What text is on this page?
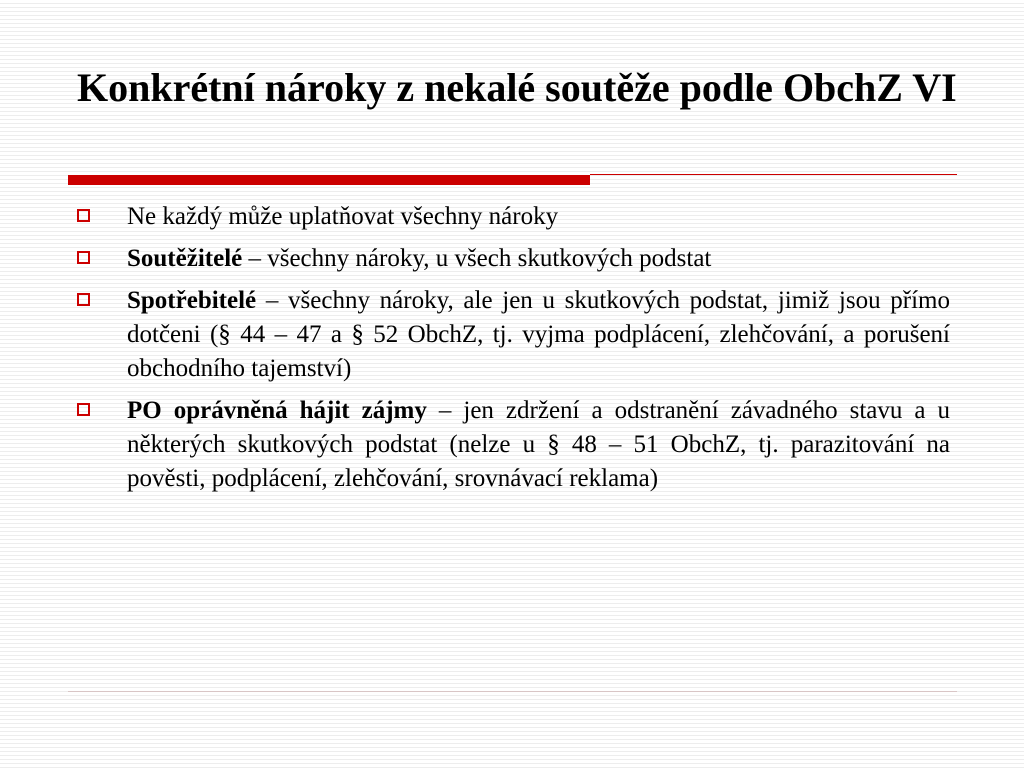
Konkrétní nároky z nekalé soutěže podle ObchZ VI
Ne každý může uplatňovat všechny nároky
Soutěžitelé – všechny nároky, u všech skutkových podstat
Spotřebitelé – všechny nároky, ale jen u skutkových podstat, jimiž jsou přímo dotčeni (§ 44 – 47 a § 52 ObchZ, tj. vyjma podplácení, zlehčování, a porušení obchodního tajemství)
PO oprávněná hájit zájmy – jen zdržení a odstranění závadného stavu a u některých skutkových podstat (nelze u § 48 – 51 ObchZ, tj. parazitování na pověsti, podplácení, zlehčování, srovnávací reklama)
